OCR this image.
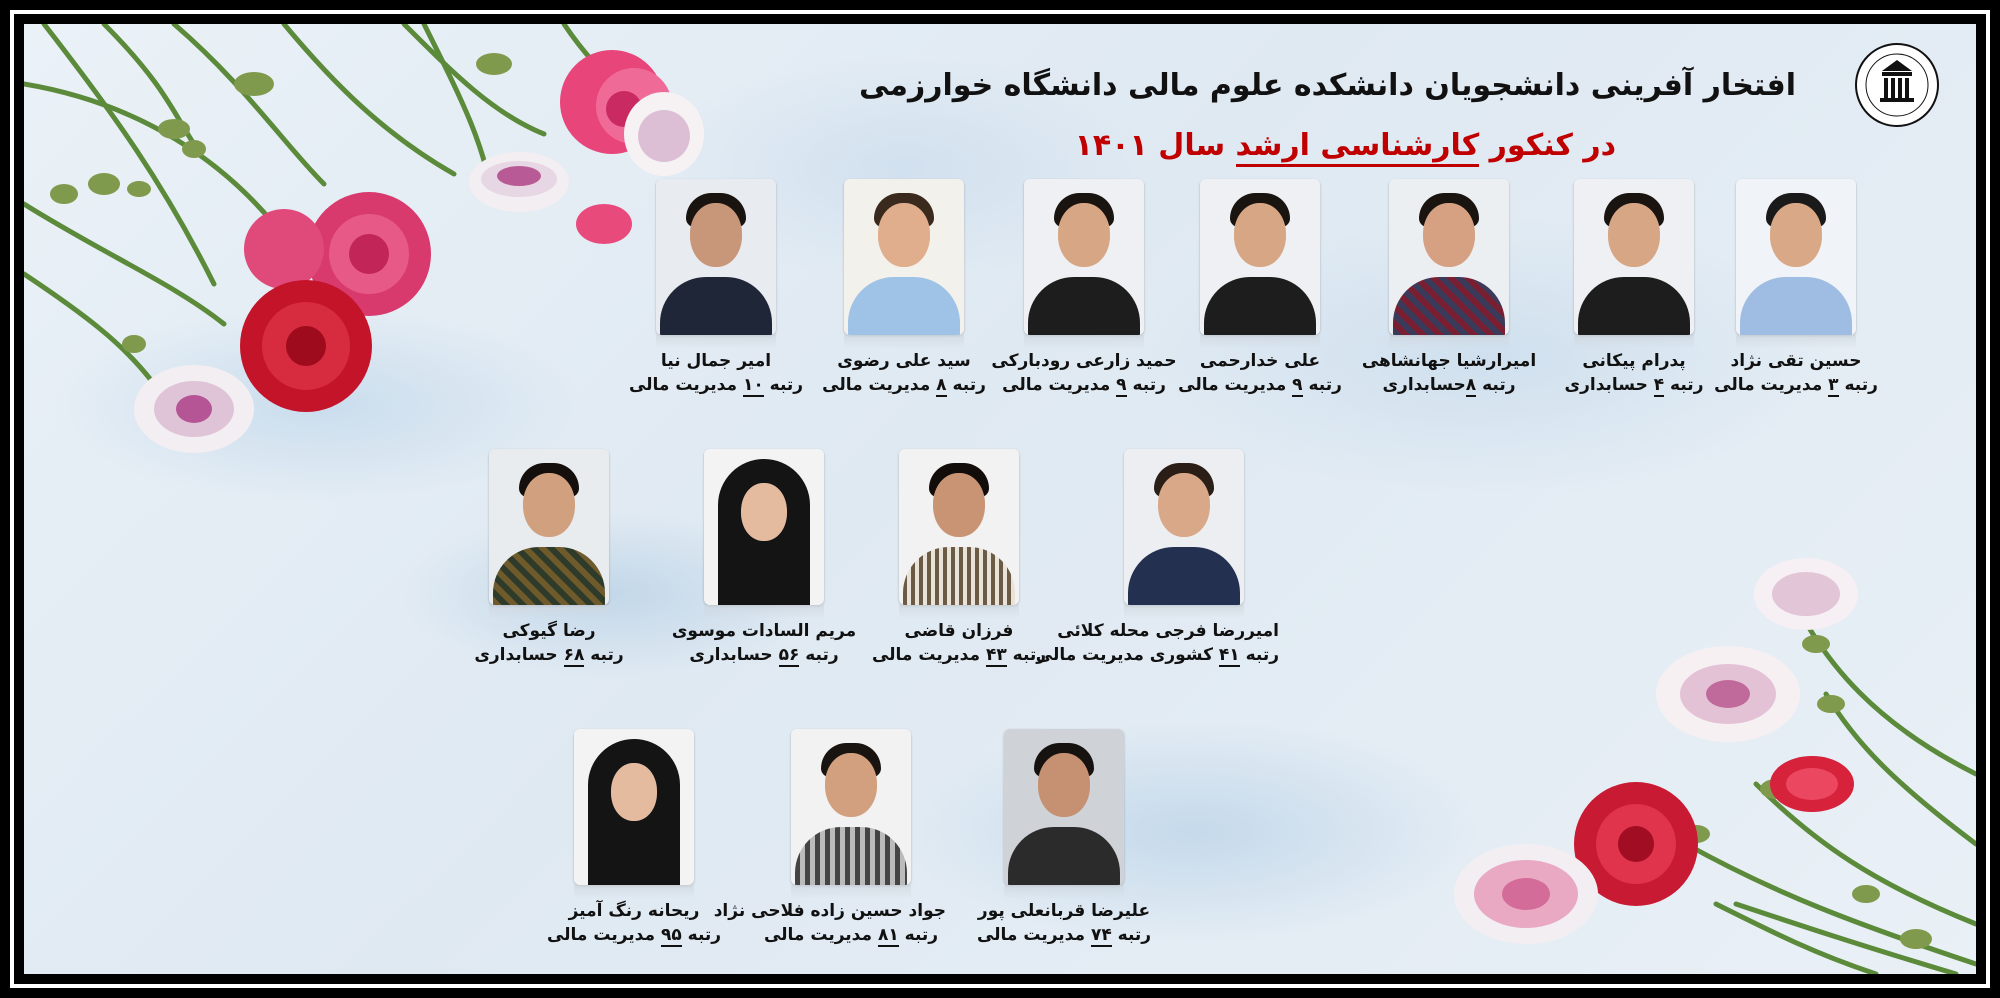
افتخار آفرینی دانشجویان دانشکده علوم مالی دانشگاه خوارزمی
در کنکور کارشناسی ارشد سال ۱۴۰۱
حسین تقی نژاد
رتبه ۳ مدیریت مالی
پدرام پیکانی
رتبه ۴ حسابداری
امیرارشیا جهانشاهی
رتبه ۸حسابداری
علی خدارحمی
رتبه ۹ مدیریت مالی
حمید زارعی رودبارکی
رتبه ۹ مدیریت مالی
سید علی رضوی
رتبه ۸ مدیریت مالی
امیر جمال نیا
رتبه ۱۰ مدیریت مالی
امیررضا فرجی محله کلائی
رتبه ۴۱ کشوری مدیریت مالی
فرزان قاضی
رتبه ۴۳ مدیریت مالی
مریم السادات موسوی
رتبه ۵۶ حسابداری
رضا گیوکی
رتبه ۶۸ حسابداری
علیرضا قربانعلی پور
رتبه ۷۴ مدیریت مالی
جواد حسین زاده فلاحی نژاد
رتبه ۸۱ مدیریت مالی
ریحانه رنگ آمیز
رتبه ۹۵ مدیریت مالی
